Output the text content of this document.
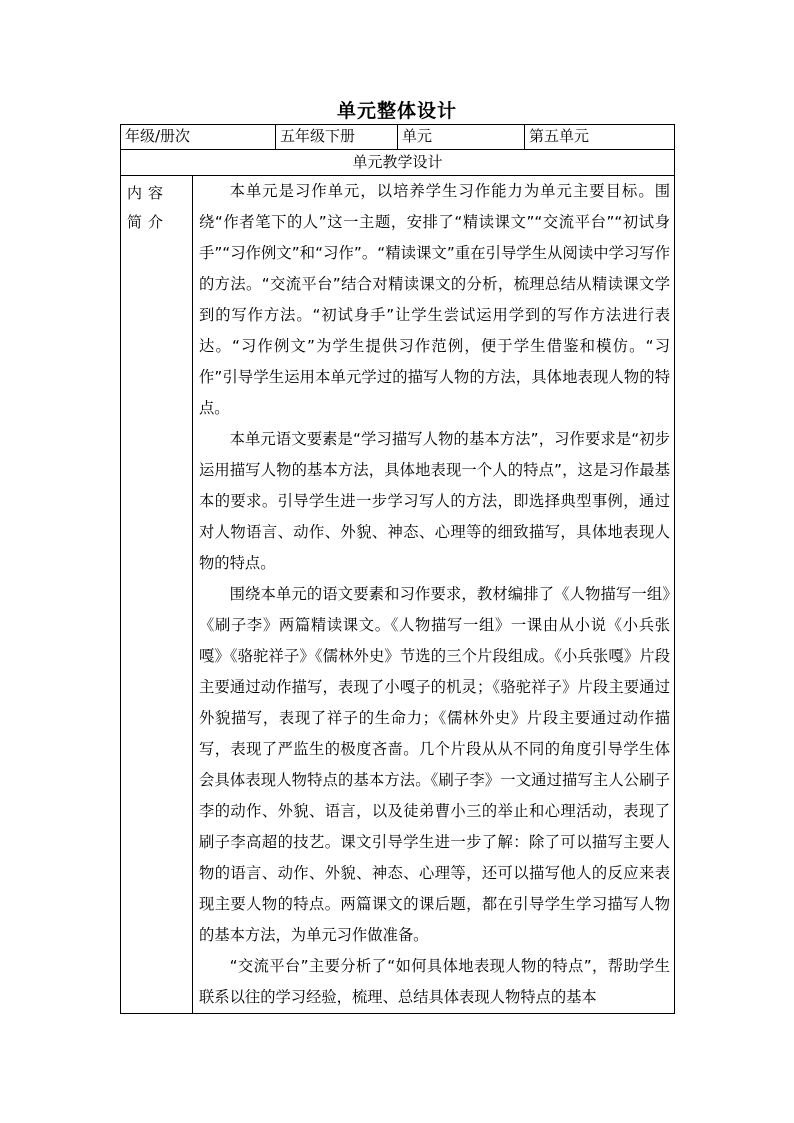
单元整体设计
年级/册次		五年级下册	单元	第五单元
单元教学设计				
内容简介	本单元是习作单元，以培养学生习作能力为单元主要目标。围绕“作者笔下的人”这一主题，安排了“精读课文”“交流平台”“初试身手”“习作例文”和“习作”。“精读课文”重在引导学生从阅读中学习写作的方法。“交流平台”结合对精读课文的分析，梳理总结从精读课文学到的写作方法。“初试身手”让学生尝试运用学到的写作方法进行表达。“习作例文”为学生提供习作范例，便于学生借鉴和模仿。“习作”引导学生运用本单元学过的描写人物的方法，具体地表现人物的特点。

本单元语文要素是“学习描写人物的基本方法”，习作要求是“初步运用描写人物的基本方法，具体地表现一个人的特点”，这是习作最基本的要求。引导学生进一步学习写人的方法，即选择典型事例，通过对人物语言、动作、外貌、神态、心理等的细致描写，具体地表现人物的特点。

围绕本单元的语文要素和习作要求，教材编排了《人物描写一组》《刷子李》两篇精读课文。《人物描写一组》一课由从小说《小兵张嘎》《骆驼祥子》《儒林外史》节选的三个片段组成。《小兵张嘎》片段主要通过动作描写，表现了小嘎子的机灵；《骆驼祥子》片段主要通过外貌描写，表现了祥子的生命力；《儒林外史》片段主要通过动作描写，表现了严监生的极度吝啬。几个片段从从不同的角度引导学生体会具体表现人物特点的基本方法。《刷子李》一文通过描写主人公刷子李的动作、外貌、语言，以及徒弟曹小三的举止和心理活动，表现了刷子李高超的技艺。课文引导学生进一步了解：除了可以描写主要人物的语言、动作、外貌、神态、心理等，还可以描写他人的反应来表现主要人物的特点。两篇课文的课后题，都在引导学生学习描写人物的基本方法，为单元习作做准备。

“交流平台”主要分析了“如何具体地表现人物的特点”，帮助学生联系以往的学习经验，梳理、总结具体表现人物特点的基本			
